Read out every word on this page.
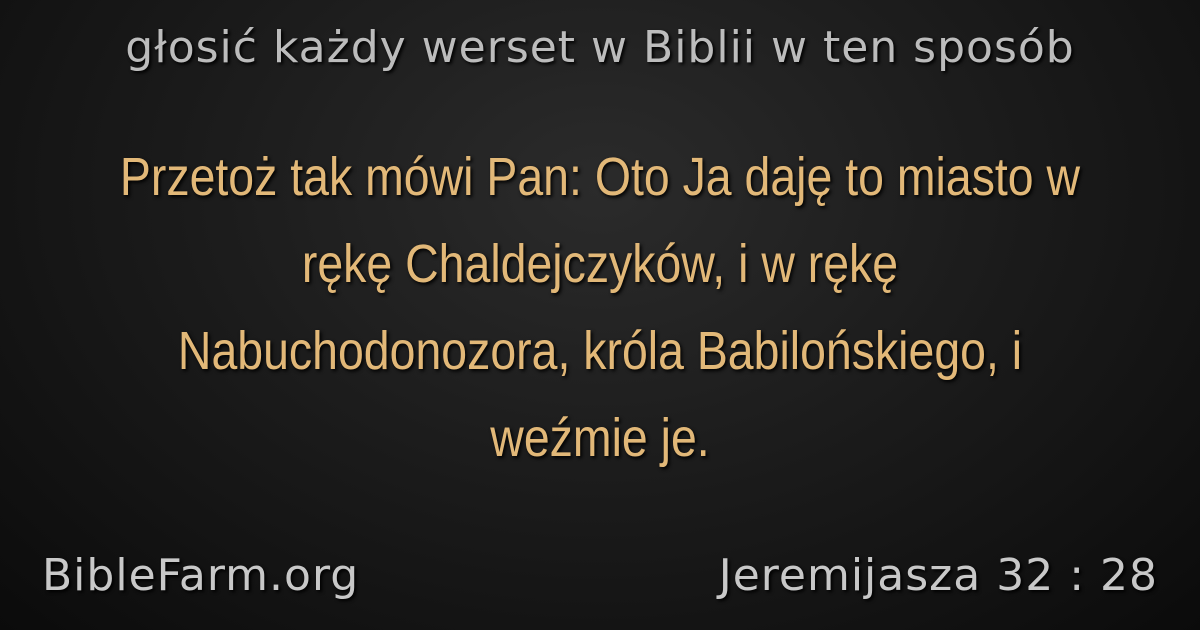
głosić każdy werset w Biblii w ten sposób
Przetoż tak mówi Pan: Oto Ja daję to miasto w rękę Chaldejczyków, i w rękę Nabuchodonozora, króla Babilońskiego, i weźmie je.
BibleFarm.org	Jeremijasza 32 : 28
